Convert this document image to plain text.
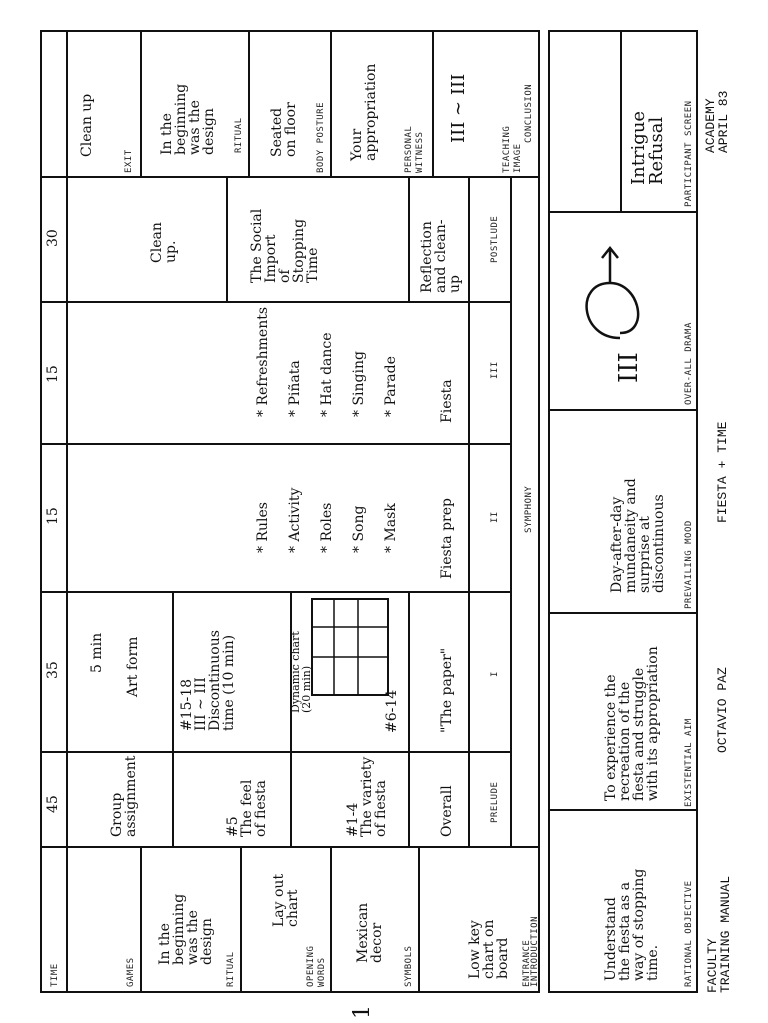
FACULTY
TRAINING MANUAL
OCTAVIO PAZ
FIESTA + TIME
ACADEMY
APRIL 83
RATIONAL OBJECTIVE
Understand
the fiesta as a
way of stopping
time.
EXISTENTIAL AIM
To experience the
recreation of the
fiesta and struggle
with its appropriation
PREVAILING MOOD
Day-after-day
mundaneity and
surprise at
discontinuous
OVER-ALL DRAMA
III
PARTICIPANT SCREEN
Intrigue
Refusal
INTRODUCTION
SYMPHONY
CONCLUSION
ENTRANCE
Low key
chart on
board
SYMBOLS
Mexican
decor
OPENING
WORDS
Lay out
chart
RITUAL
In the
beginning
was the
design
GAMES
TIME
PRELUDE
I
II
III
POSTLUDE
Overall
#1-4
The variety
of fiesta
#5
The feel
of fiesta
Group
assignment
45
"The paper"
#6-14
Dynamic chart
(20 min)
#15-18
III ∼ III
Discontinuous
time (10 min)
Art form
5 min
35
Fiesta prep
* Mask
* Song
* Roles
* Activity
* Rules
15
Fiesta
* Parade
* Singing
* Hat dance
* Piñata
* Refreshments
15
Reflection
and clean-
up
The Social
Import
of
Stopping
Time
Clean
up.
30
TEACHING
IMAGE
III ∼ III
PERSONAL
WITNESS
Your
appropriation
BODY POSTURE
Seated
on floor
RITUAL
In the
beginning
was the
design
EXIT
Clean up
1
